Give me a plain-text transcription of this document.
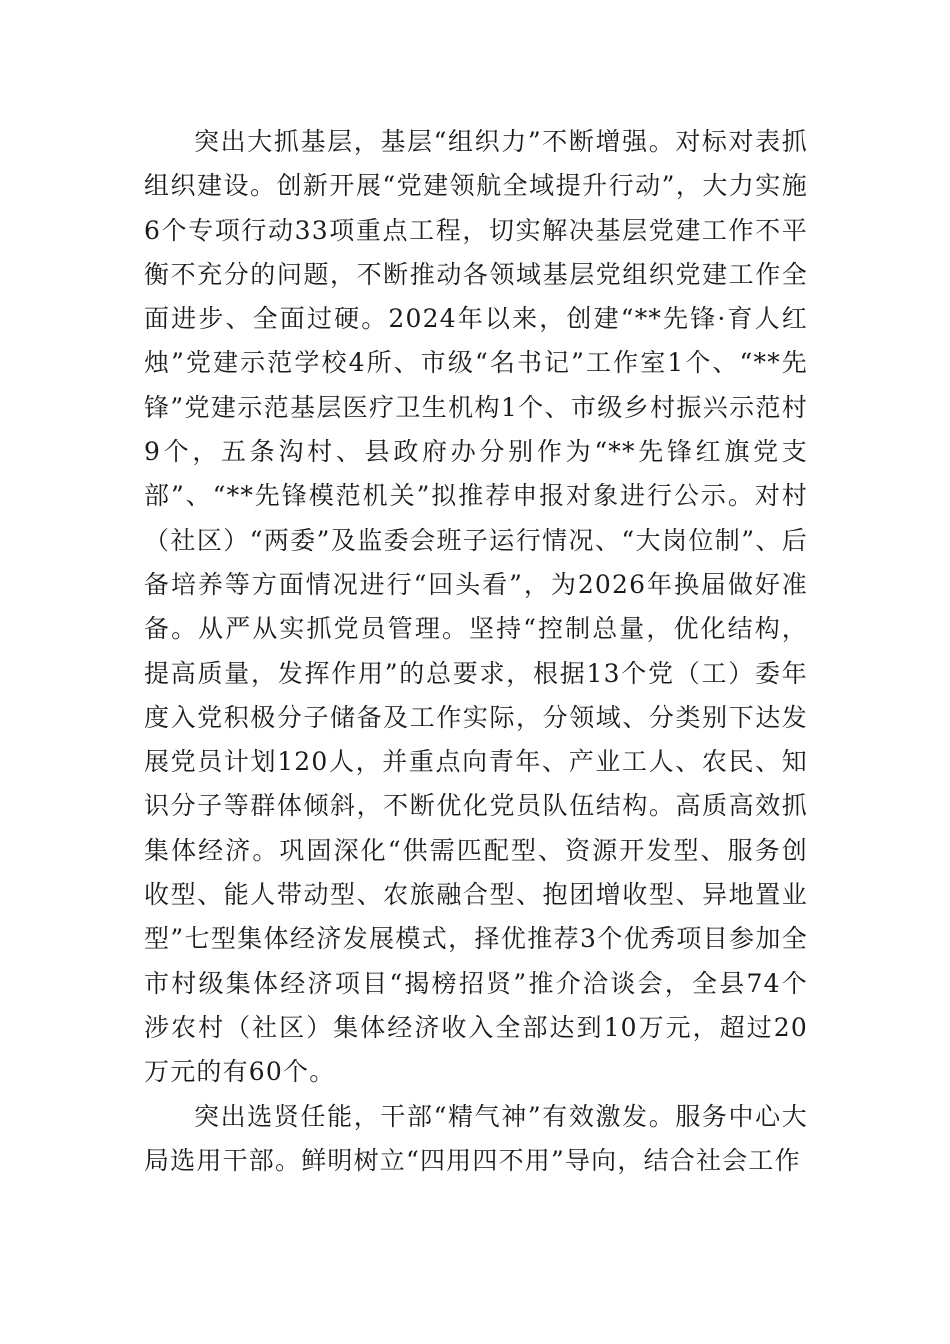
突出大抓基层，基层“组织力”不断增强。对标对表抓组织建设。创新开展“党建领航全域提升行动”，大力实施6个专项行动33项重点工程，切实解决基层党建工作不平衡不充分的问题，不断推动各领域基层党组织党建工作全面进步、全面过硬。2024年以来，创建“**先锋·育人红烛”党建示范学校4所、市级“名书记”工作室1个、“**先锋”党建示范基层医疗卫生机构1个、市级乡村振兴示范村9个，五条沟村、县政府办分别作为“**先锋红旗党支部”、“**先锋模范机关”拟推荐申报对象进行公示。对村（社区）“两委”及监委会班子运行情况、“大岗位制”、后备培养等方面情况进行“回头看”，为2026年换届做好准备。从严从实抓党员管理。坚持“控制总量，优化结构，提高质量，发挥作用”的总要求，根据13个党（工）委年度入党积极分子储备及工作实际，分领域、分类别下达发展党员计划120人，并重点向青年、产业工人、农民、知识分子等群体倾斜，不断优化党员队伍结构。高质高效抓集体经济。巩固深化“供需匹配型、资源开发型、服务创收型、能人带动型、农旅融合型、抱团增收型、异地置业型”七型集体经济发展模式，择优推荐3个优秀项目参加全市村级集体经济项目“揭榜招贤”推介洽谈会，全县74个涉农村（社区）集体经济收入全部达到10万元，超过20万元的有60个。

突出选贤任能，干部“精气神”有效激发。服务中心大局选用干部。鲜明树立“四用四不用”导向，结合社会工作
